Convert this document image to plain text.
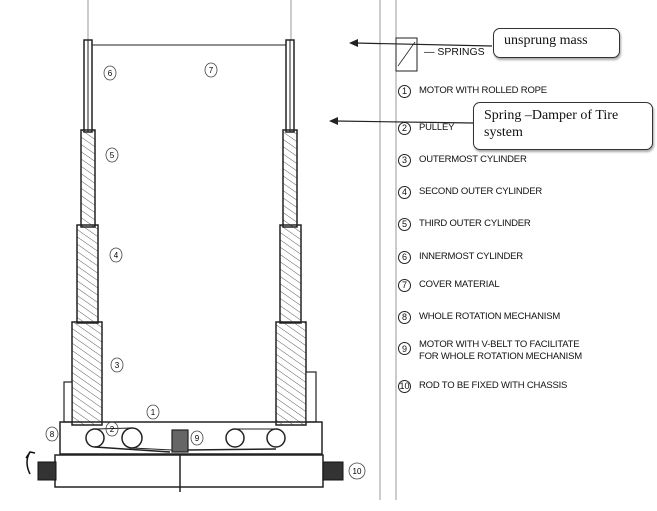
6	7
5
4
3
1
2
8	9
10
— SPRINGS
1	MOTOR WITH ROLLED ROPE
2	PULLEY
3	OUTERMOST CYLINDER
4	SECOND OUTER CYLINDER
5	THIRD OUTER CYLINDER
6	INNERMOST CYLINDER
7	COVER MATERIAL
8	WHOLE ROTATION MECHANISM
9	MOTOR WITH V-BELT TO FACILITATE FOR WHOLE ROTATION MECHANISM
10 ROD TO BE FIXED WITH CHASSIS
unsprung mass
Spring –Damper of Tire system
